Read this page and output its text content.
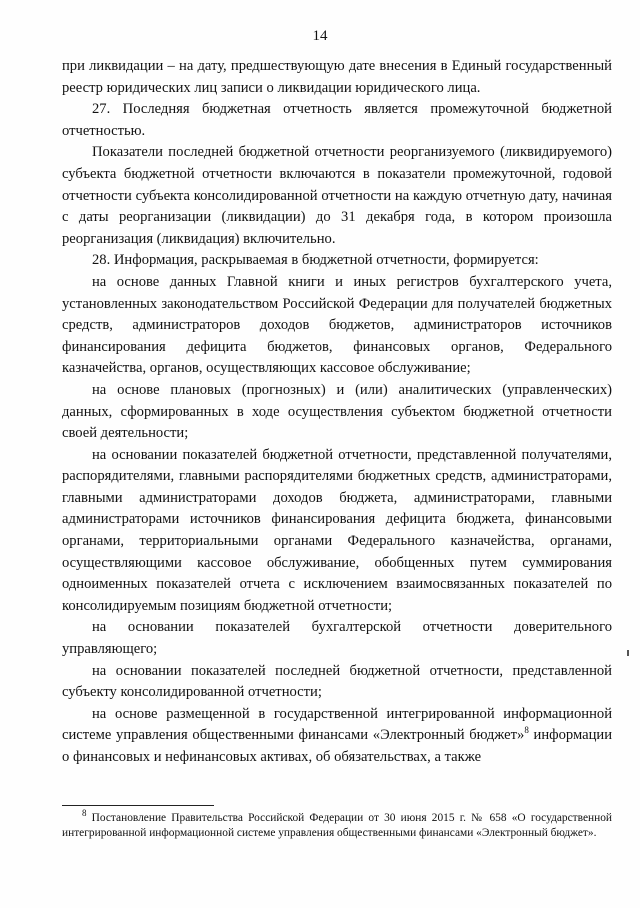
14

при ликвидации – на дату, предшествующую дате внесения в Единый государственный реестр юридических лиц записи о ликвидации юридического лица.

27. Последняя бюджетная отчетность является промежуточной бюджетной отчетностью.

Показатели последней бюджетной отчетности реорганизуемого (ликвидируемого) субъекта бюджетной отчетности включаются в показатели промежуточной, годовой отчетности субъекта консолидированной отчетности на каждую отчетную дату, начиная с даты реорганизации (ликвидации) до 31 декабря года, в котором произошла реорганизация (ликвидация) включительно.

28. Информация, раскрываемая в бюджетной отчетности, формируется:

на основе данных Главной книги и иных регистров бухгалтерского учета, установленных законодательством Российской Федерации для получателей бюджетных средств, администраторов доходов бюджетов, администраторов источников финансирования дефицита бюджетов, финансовых органов, Федерального казначейства, органов, осуществляющих кассовое обслуживание;

на основе плановых (прогнозных) и (или) аналитических (управленческих) данных, сформированных в ходе осуществления субъектом бюджетной отчетности своей деятельности;

на основании показателей бюджетной отчетности, представленной получателями, распорядителями, главными распорядителями бюджетных средств, администраторами, главными администраторами доходов бюджета, администраторами, главными администраторами источников финансирования дефицита бюджета, финансовыми органами, территориальными органами Федерального казначейства, органами, осуществляющими кассовое обслуживание, обобщенных путем суммирования одноименных показателей отчета с исключением взаимосвязанных показателей по консолидируемым позициям бюджетной отчетности;

на основании показателей бухгалтерской отчетности доверительного управляющего;

на основании показателей последней бюджетной отчетности, представленной субъекту консолидированной отчетности;

на основе размещенной в государственной интегрированной информационной системе управления общественными финансами «Электронный бюджет»$^8$ информации о финансовых и нефинансовых активах, об обязательствах, а также

$^8$ Постановление Правительства Российской Федерации от 30 июня 2015 г. № 658 «О государственной интегрированной информационной системе управления общественными финансами «Электронный бюджет».
